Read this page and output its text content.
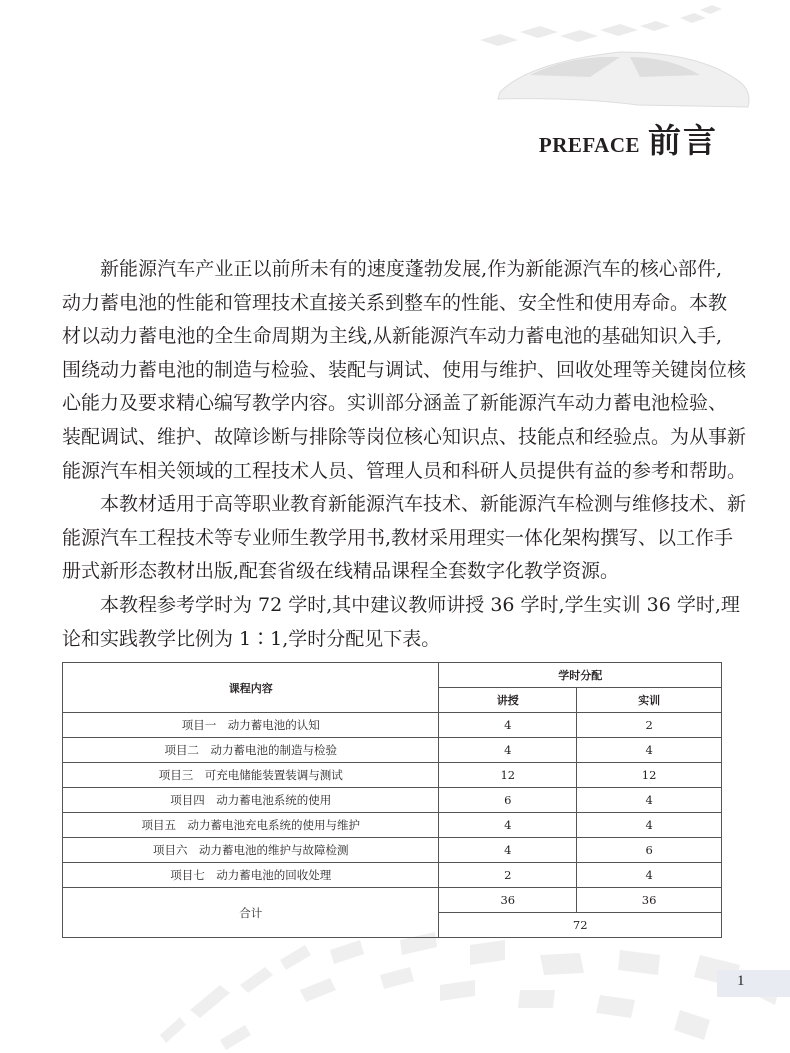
PREFACE 前言
新能源汽车产业正以前所未有的速度蓬勃发展,作为新能源汽车的核心部件,
动力蓄电池的性能和管理技术直接关系到整车的性能、安全性和使用寿命。本教
材以动力蓄电池的全生命周期为主线,从新能源汽车动力蓄电池的基础知识入手,
围绕动力蓄电池的制造与检验、装配与调试、使用与维护、回收处理等关键岗位核
心能力及要求精心编写教学内容。实训部分涵盖了新能源汽车动力蓄电池检验、
装配调试、维护、故障诊断与排除等岗位核心知识点、技能点和经验点。为从事新
能源汽车相关领域的工程技术人员、管理人员和科研人员提供有益的参考和帮助。
本教材适用于高等职业教育新能源汽车技术、新能源汽车检测与维修技术、新
能源汽车工程技术等专业师生教学用书,教材采用理实一体化架构撰写、以工作手
册式新形态教材出版,配套省级在线精品课程全套数字化教学资源。
本教程参考学时为 72 学时,其中建议教师讲授 36 学时,学生实训 36 学时,理
论和实践教学比例为 1∶1,学时分配见下表。
课程内容	学时分配	
	讲授	实训
项目一　动力蓄电池的认知	4	2
项目二　动力蓄电池的制造与检验	4	4
项目三　可充电储能装置装调与测试	12	12
项目四　动力蓄电池系统的使用	6	4
项目五　动力蓄电池充电系统的使用与维护	4	4
项目六　动力蓄电池的维护与故障检测	4	6
项目七　动力蓄电池的回收处理	2	4
合计	36	36
	72	
1
